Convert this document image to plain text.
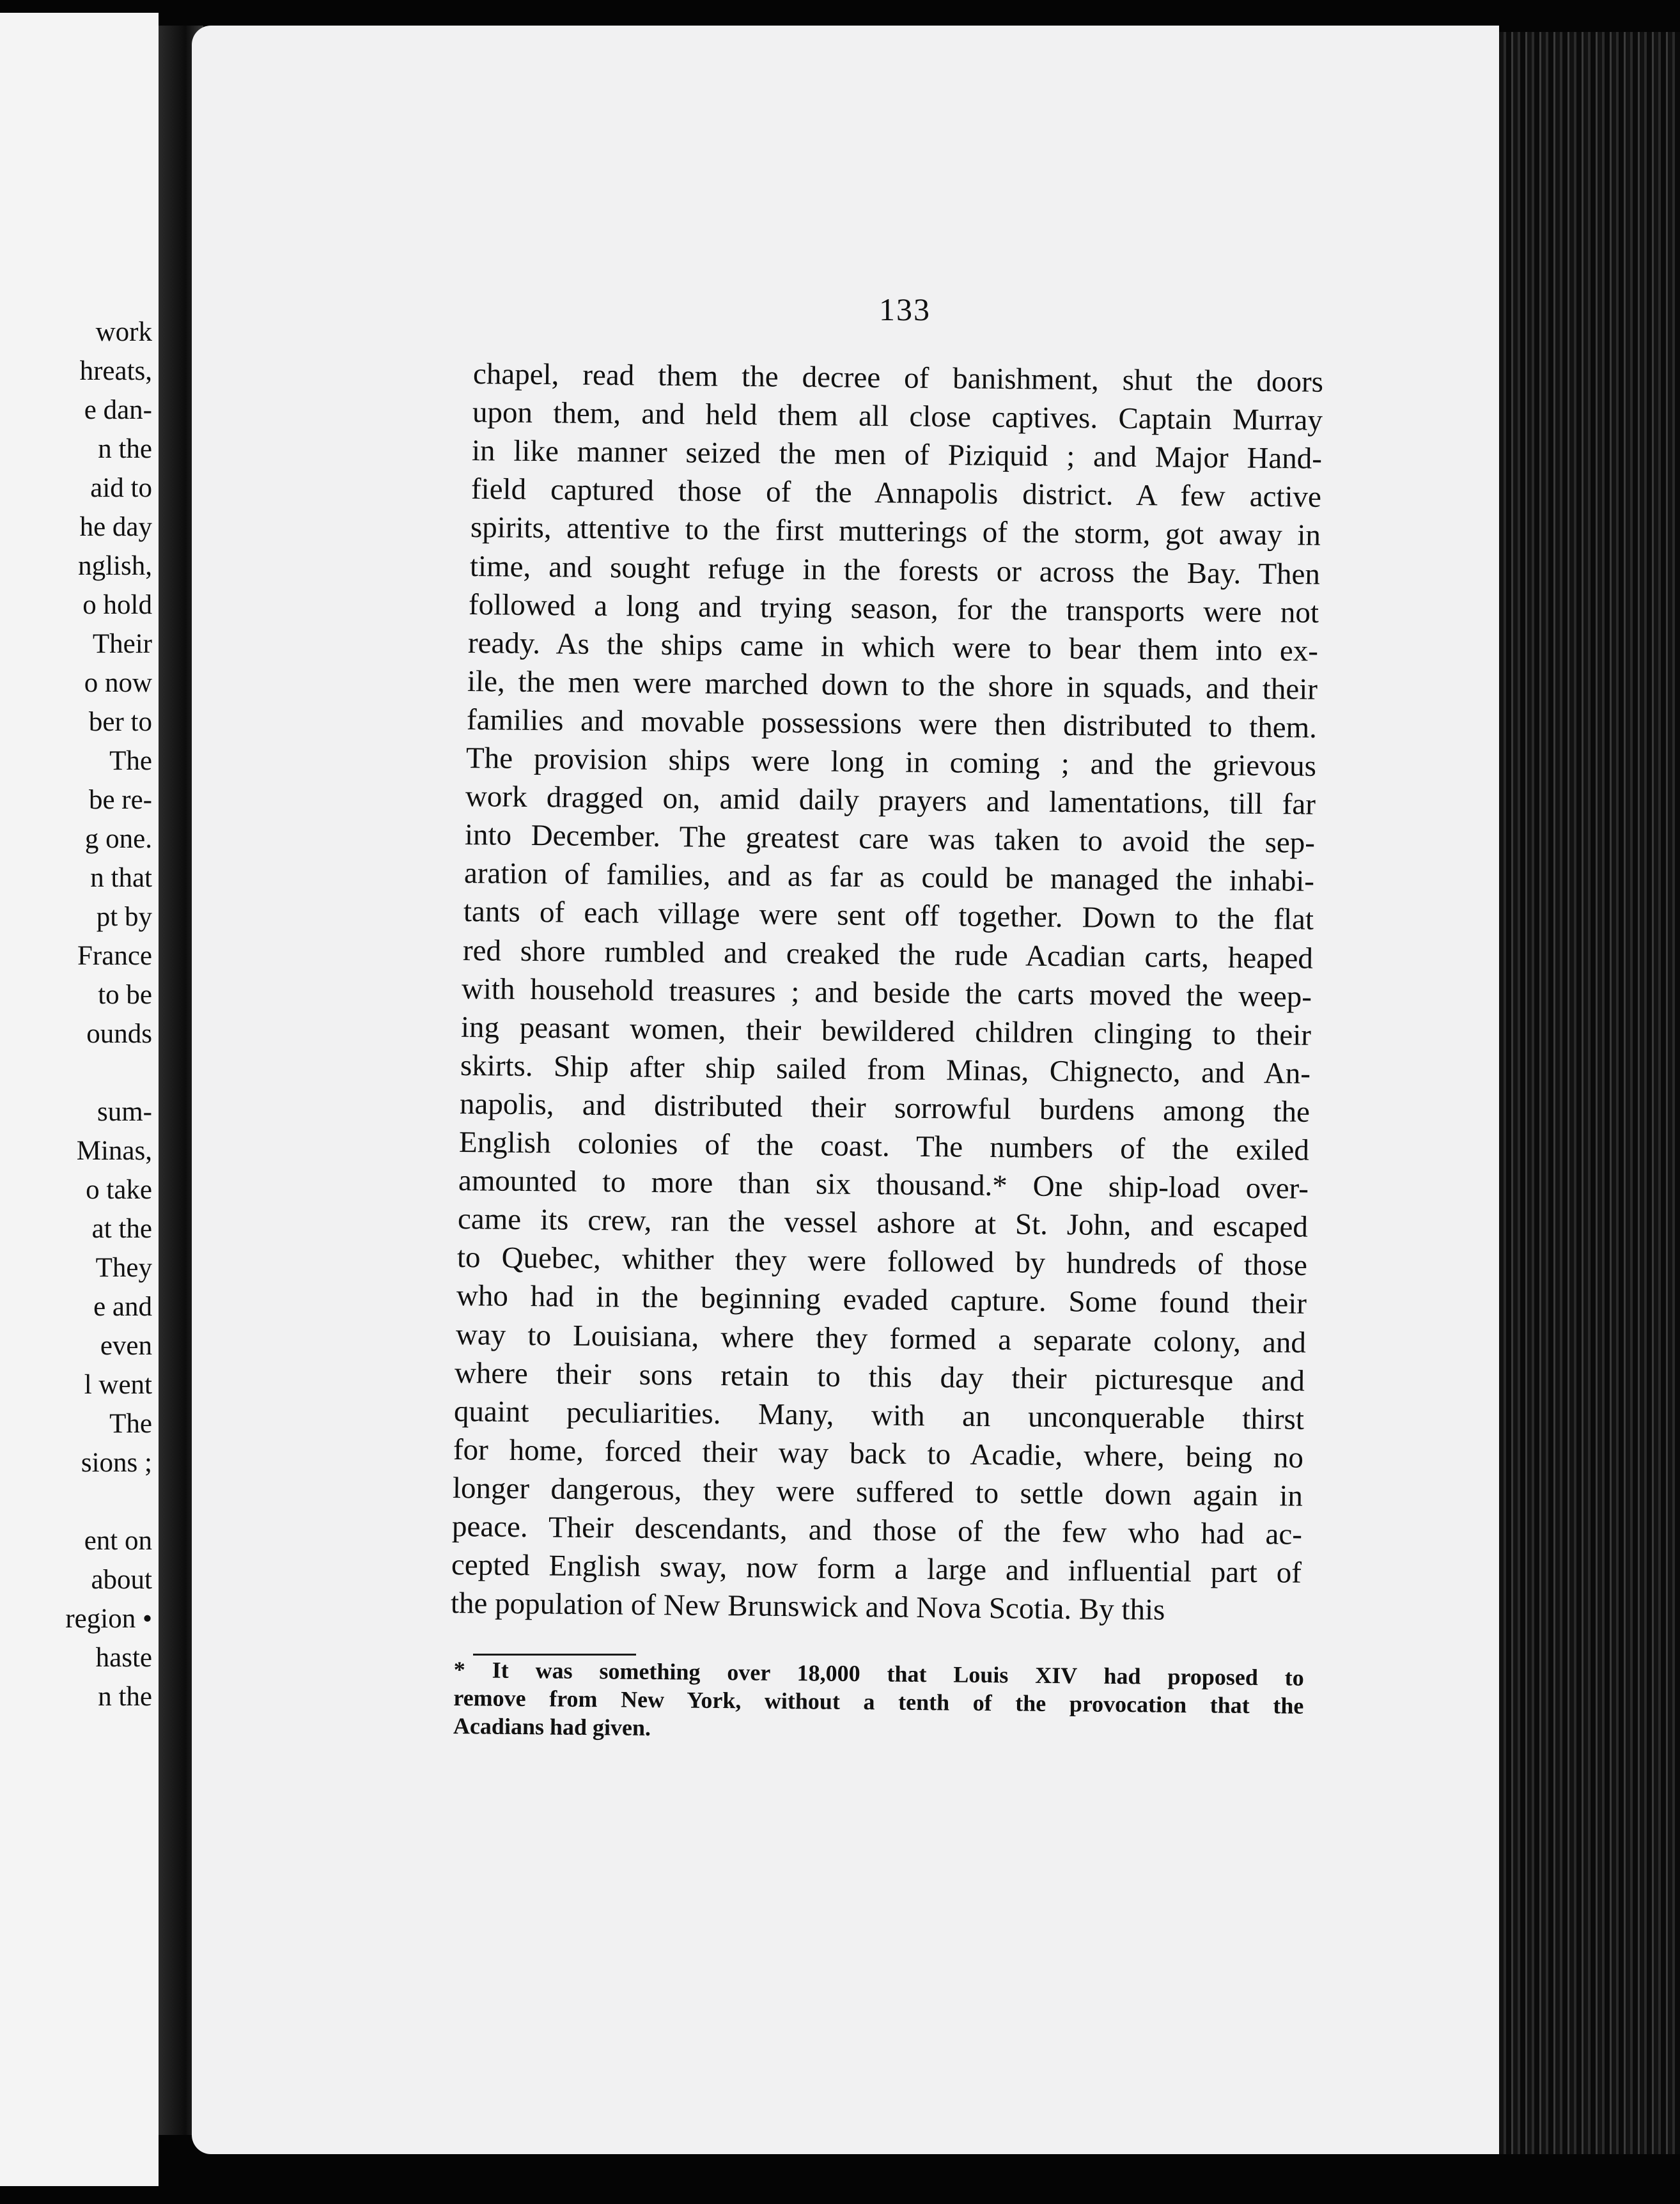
work
hreats,
e dan-
n the
aid to
he day
nglish,
o hold
Their
o now
ber to
The
be re-
g one.
n that
pt by
France
to be
ounds
sum-
Minas,
o take
at the
They
e and
even
l went
The
sions ;
ent on
about
region •
haste
n the
133
chapel, read them the decree of banishment, shut the doors
upon them, and held them all close captives. Captain Murray
in like manner seized the men of Piziquid ; and Major Hand-
field captured those of the Annapolis district. A few active
spirits, attentive to the first mutterings of the storm, got away in
time, and sought refuge in the forests or across the Bay. Then
followed a long and trying season, for the transports were not
ready. As the ships came in which were to bear them into ex-
ile, the men were marched down to the shore in squads, and their
families and movable possessions were then distributed to them.
The provision ships were long in coming ; and the grievous
work dragged on, amid daily prayers and lamentations, till far
into December. The greatest care was taken to avoid the sep-
aration of families, and as far as could be managed the inhabi-
tants of each village were sent off together. Down to the flat
red shore rumbled and creaked the rude Acadian carts, heaped
with household treasures ; and beside the carts moved the weep-
ing peasant women, their bewildered children clinging to their
skirts. Ship after ship sailed from Minas, Chignecto, and An-
napolis, and distributed their sorrowful burdens among the
English colonies of the coast. The numbers of the exiled
amounted to more than six thousand.* One ship-load over-
came its crew, ran the vessel ashore at St. John, and escaped
to Quebec, whither they were followed by hundreds of those
who had in the beginning evaded capture. Some found their
way to Louisiana, where they formed a separate colony, and
where their sons retain to this day their picturesque and
quaint peculiarities. Many, with an unconquerable thirst
for home, forced their way back to Acadie, where, being no
longer dangerous, they were suffered to settle down again in
peace. Their descendants, and those of the few who had ac-
cepted English sway, now form a large and influential part of
the population of New Brunswick and Nova Scotia. By this
* It was something over 18,000 that Louis XIV had proposed to
remove from New York, without a tenth of the provocation that the
Acadians had given.
